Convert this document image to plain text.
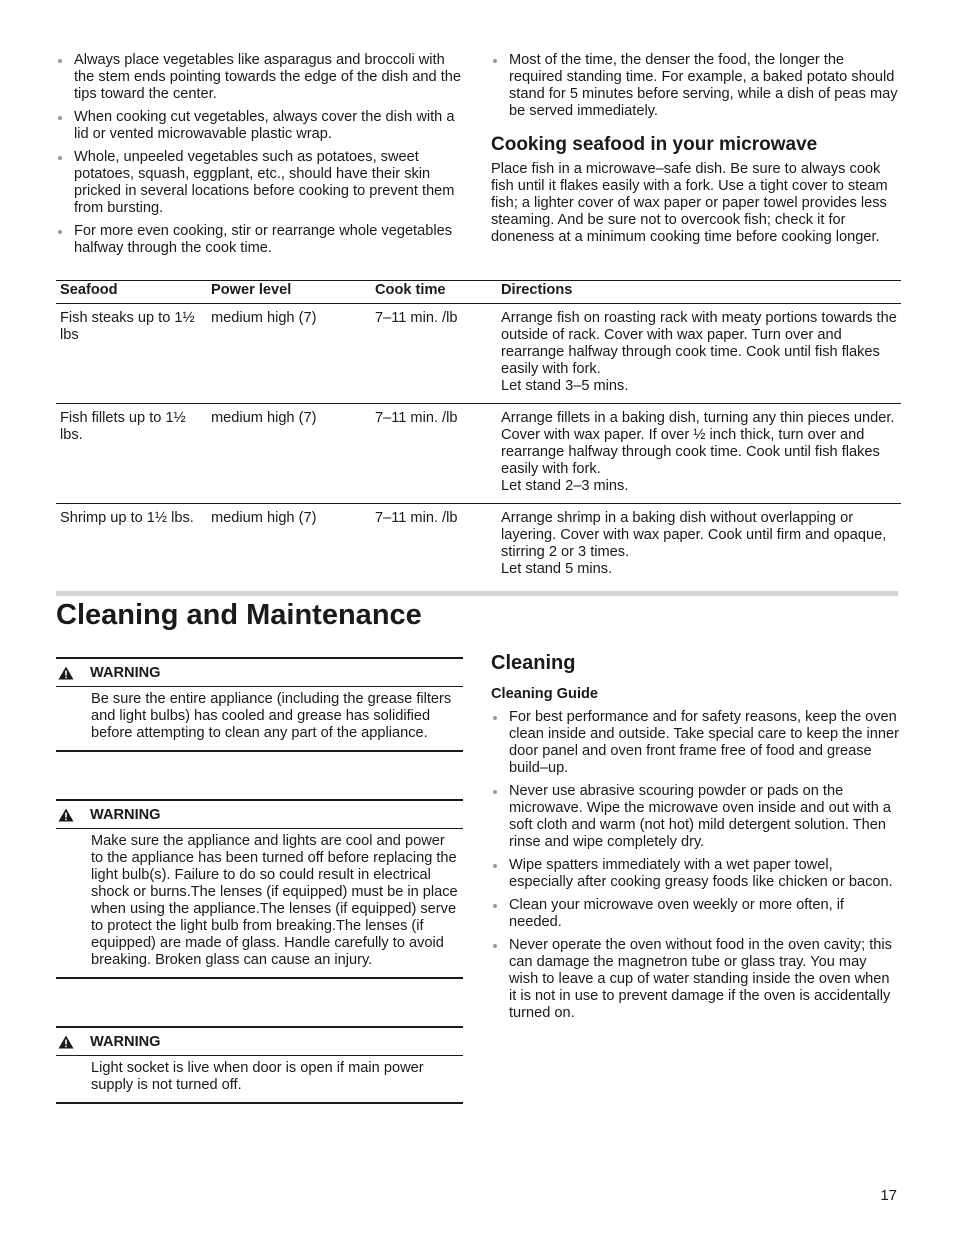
Always place vegetables like asparagus and broccoli with the stem ends pointing towards the edge of the dish and the tips toward the center.
When cooking cut vegetables, always cover the dish with a lid or vented microwavable plastic wrap.
Whole, unpeeled vegetables such as potatoes, sweet potatoes, squash, eggplant, etc., should have their skin pricked in several locations before cooking to prevent them from bursting.
For more even cooking, stir or rearrange whole vegetables halfway through the cook time.
Most of the time, the denser the food, the longer the required standing time. For example, a baked potato should stand for 5 minutes before serving, while a dish of peas may be served immediately.
Cooking seafood in your microwave

Place fish in a microwave–safe dish. Be sure to always cook fish until it flakes easily with a fork. Use a tight cover to steam fish; a lighter cover of wax paper or paper towel provides less steaming. And be sure not to overcook fish; check it for doneness at a minimum cooking time before cooking longer.

Seafood	Power level	Cook time	Directions
Fish steaks up to 1½ lbs	medium high (7)	7–11 min. /lb	Arrange fish on roasting rack with meaty portions towards the outside of rack. Cover with wax paper. Turn over and rearrange halfway through cook time. Cook until fish flakes easily with fork.
Let stand 3–5 mins.

Fish fillets up to 1½ lbs.	medium high (7)	7–11 min. /lb	Arrange fillets in a baking dish, turning any thin pieces under. Cover with wax paper. If over ½ inch thick, turn over and rearrange halfway through cook time. Cook until fish flakes easily with fork.
Let stand 2–3 mins.

Shrimp up to 1½ lbs.	medium high (7)	7–11 min. /lb	Arrange shrimp in a baking dish without overlapping or layering. Cover with wax paper. Cook until firm and opaque, stirring 2 or 3 times.
Let stand 5 mins.
Cleaning and Maintenance
WARNING
Be sure the entire appliance (including the grease filters and light bulbs) has cooled and grease has solidified before attempting to clean any part of the appliance.
WARNING
Make sure the appliance and lights are cool and power to the appliance has been turned off before replacing the light bulb(s). Failure to do so could result in electrical shock or burns.The lenses (if equipped) must be in place when using the appliance.The lenses (if equipped) serve to protect the light bulb from breaking.The lenses (if equipped) are made of glass. Handle carefully to avoid breaking. Broken glass can cause an injury.
WARNING
Light socket is live when door is open if main power supply is not turned off.
Cleaning
Cleaning Guide
For best performance and for safety reasons, keep the oven clean inside and outside. Take special care to keep the inner door panel and oven front frame free of food and grease build–up.
Never use abrasive scouring powder or pads on the microwave. Wipe the microwave oven inside and out with a soft cloth and warm (not hot) mild detergent solution. Then rinse and wipe completely dry.
Wipe spatters immediately with a wet paper towel, especially after cooking greasy foods like chicken or bacon.
Clean your microwave oven weekly or more often, if needed.
Never operate the oven without food in the oven cavity; this can damage the magnetron tube or glass tray. You may wish to leave a cup of water standing inside the oven when it is not in use to prevent damage if the oven is accidentally turned on.
17
